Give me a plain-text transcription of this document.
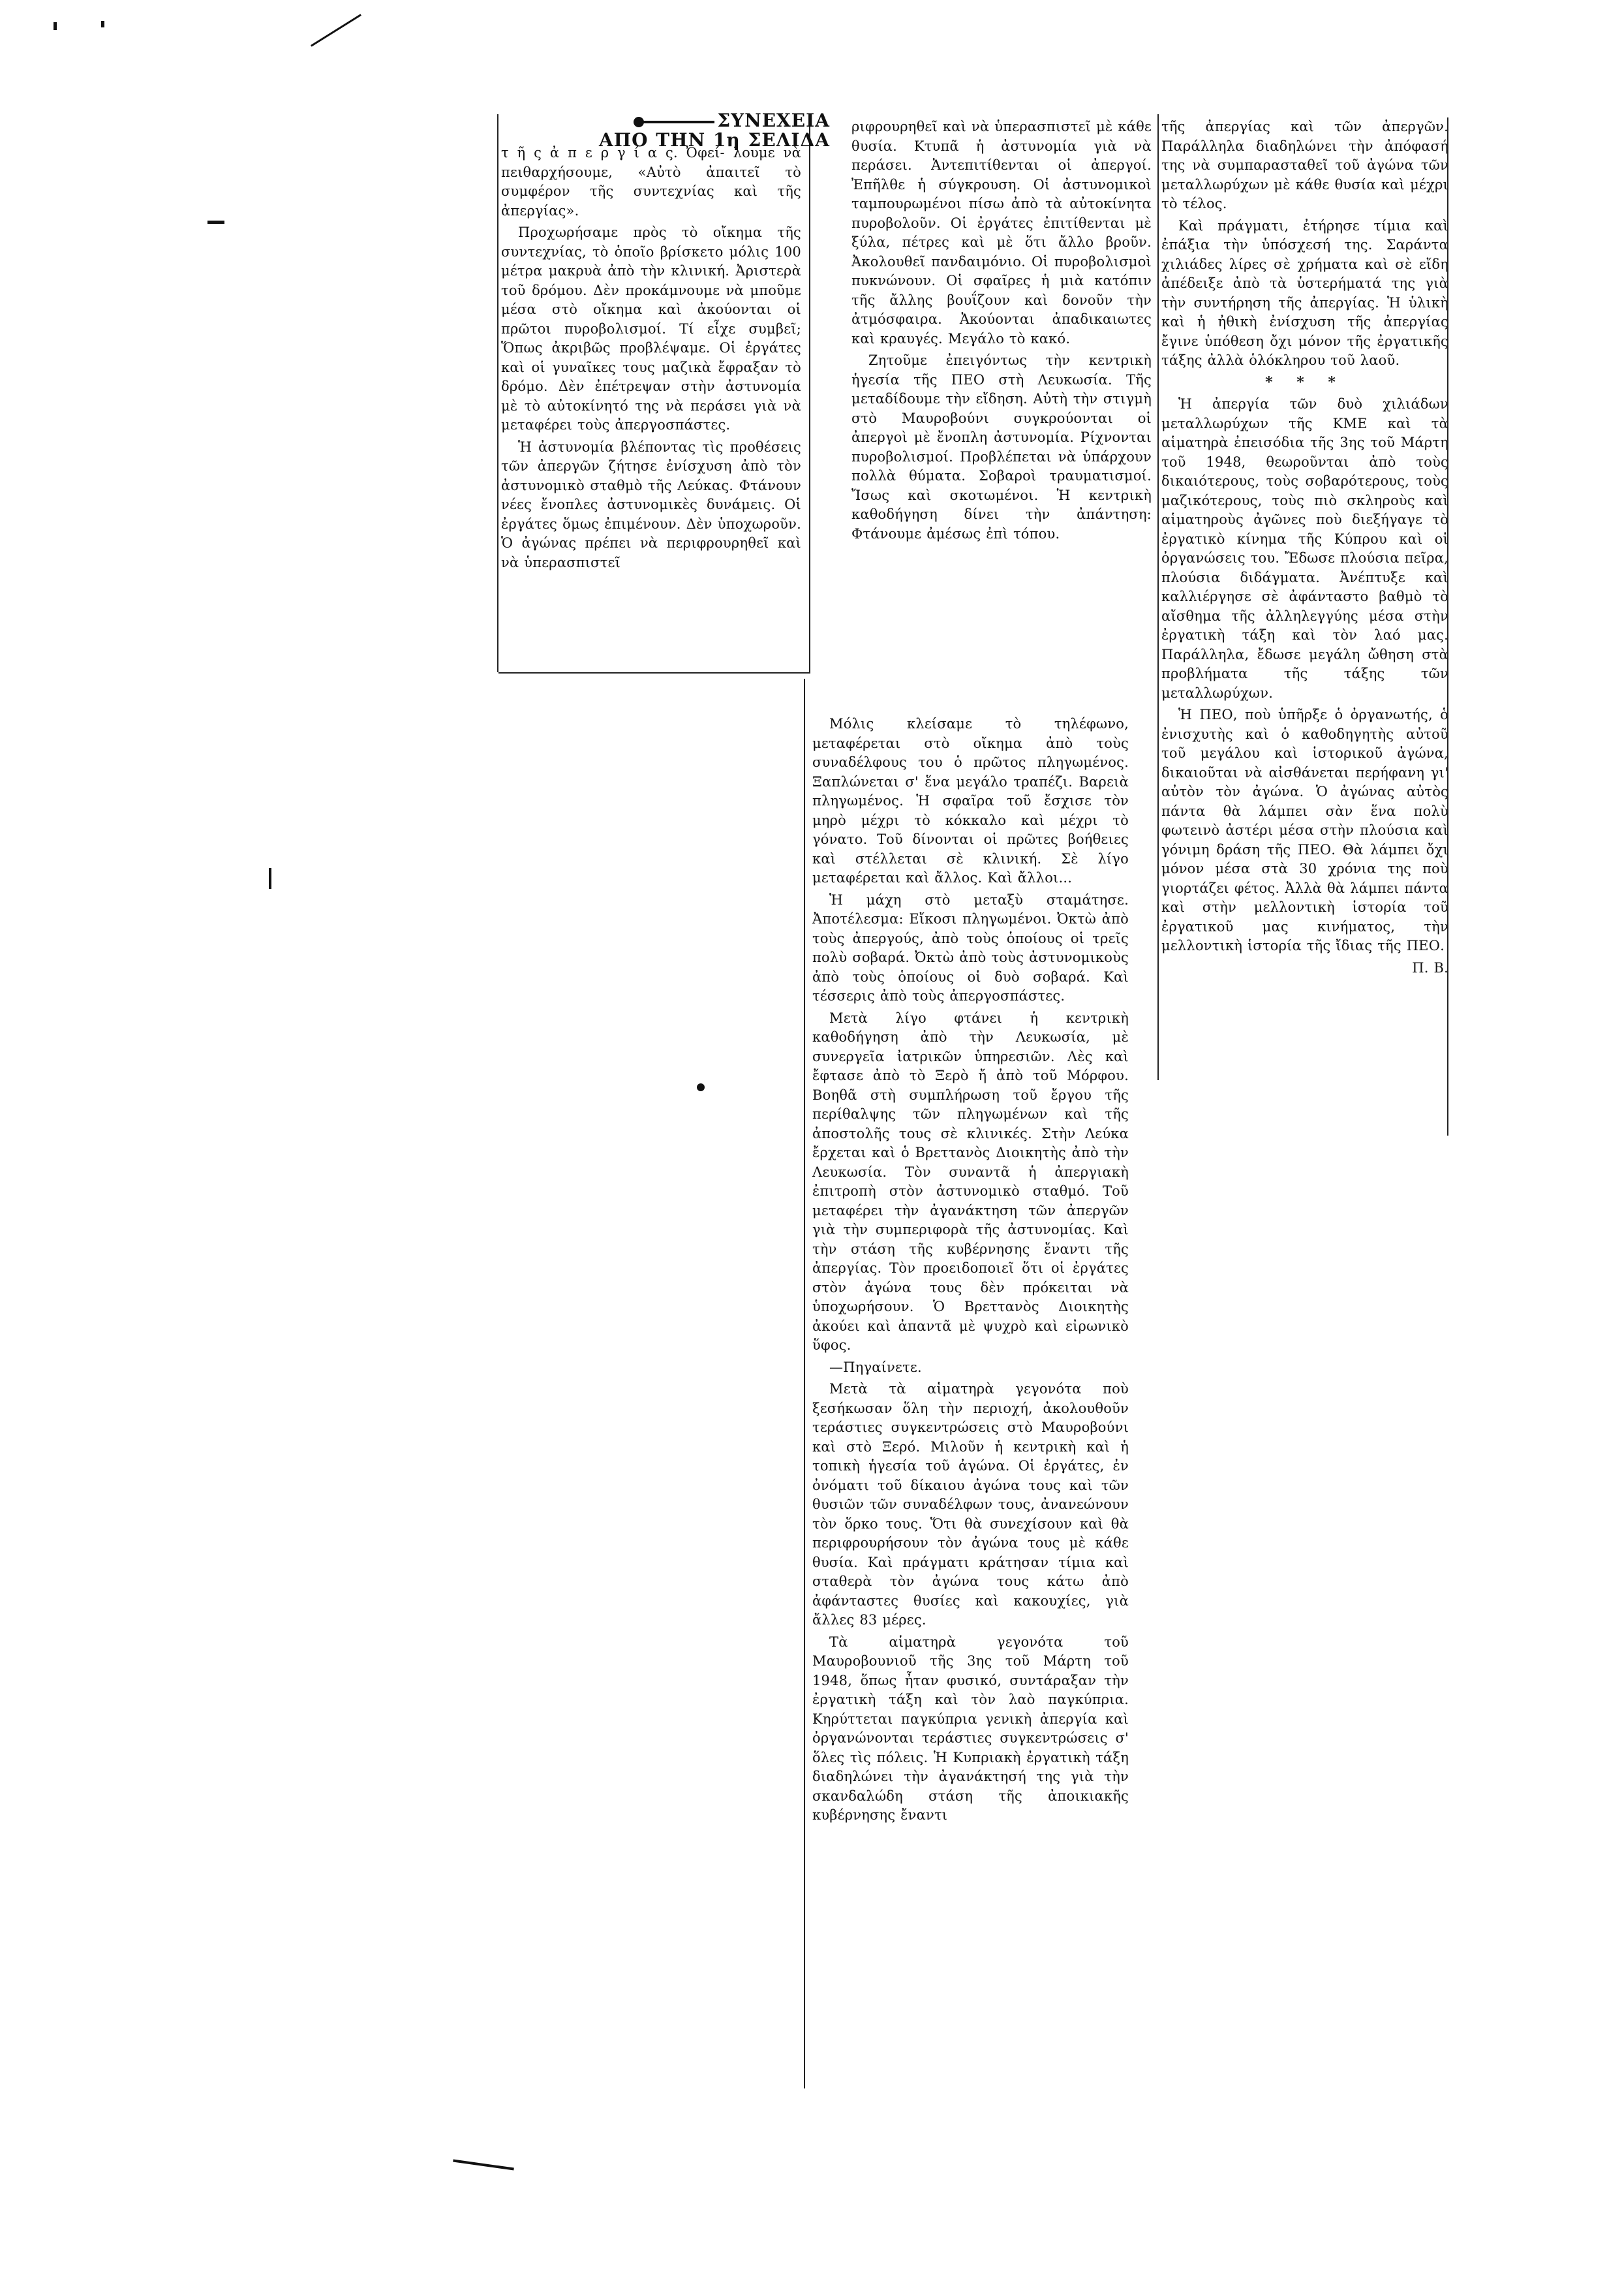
ΣΥΝΕΧΕΙΑ
ΑΠΟ ΤΗΝ 1η ΣΕΛΙΔΑ

τ ῆ ς ἀ π ε ρ γ ί α ς. Ὀφεί- λουμε νὰ πειθαρχήσουμε, «Αὐτὸ ἀπαιτεῖ τὸ συμφέρον τῆς συντεχνίας καὶ τῆς ἀπεργίας».

Προχωρήσαμε πρὸς τὸ οἴκημα τῆς συντεχνίας, τὸ ὁποῖο βρίσκετο μόλις 100 μέτρα μακρυὰ ἀπὸ τὴν κλινική. Ἀριστερὰ τοῦ δρόμου. Δὲν προκάμνουμε νὰ μποῦμε μέσα στὸ οἴκημα καὶ ἀκούονται οἱ πρῶτοι πυροβολισμοί. Τί εἶχε συμβεῖ; Ὅπως ἀκριβῶς προβλέψαμε. Οἱ ἐργάτες καὶ οἱ γυναῖκες τους μαζικὰ ἔφραξαν τὸ δρόμο. Δὲν ἐπέτρεψαν στὴν ἀστυνομία μὲ τὸ αὐτοκίνητό της νὰ περάσει γιὰ νὰ μεταφέρει τοὺς ἀπεργοσπάστες.

Ἡ ἀστυνομία βλέποντας τὶς προθέσεις τῶν ἀπεργῶν ζήτησε ἐνίσχυση ἀπὸ τὸν ἀστυνομικὸ σταθμὸ τῆς Λεύκας. Φτάνουν νέες ἔνοπλες ἀστυνομικὲς δυνάμεις. Οἱ ἐργάτες ὅμως ἐπιμένουν. Δὲν ὑποχωροῦν. Ὁ ἀγώνας πρέπει νὰ περιφρουρηθεῖ καὶ νὰ ὑπερασπιστεῖ

ριφρουρηθεῖ καὶ νὰ ὑπερασπιστεῖ μὲ κάθε θυσία. Κτυπᾶ ἡ ἀστυνομία γιὰ νὰ περάσει. Ἀντεπιτίθενται οἱ ἀπεργοί. Ἐπῆλθε ἡ σύγκρουση. Οἱ ἀστυνομικοὶ ταμπουρωμένοι πίσω ἀπὸ τὰ αὐτοκίνητα πυροβολοῦν. Οἱ ἐργάτες ἐπιτίθενται μὲ ξύλα, πέτρες καὶ μὲ ὅτι ἄλλο βροῦν. Ἀκολουθεῖ πανδαιμόνιο. Οἱ πυροβολισμοὶ πυκνώνουν. Οἱ σφαῖρες ἡ μιὰ κατόπιν τῆς ἄλλης βουΐζουν καὶ δονοῦν τὴν ἀτμόσφαιρα. Ἀκούονται ἀπαδικαιωτες καὶ κραυγές. Μεγάλο τὸ κακό.

Ζητοῦμε ἐπειγόντως τὴν κεντρικὴ ἡγεσία τῆς ΠΕΟ στὴ Λευκωσία. Τῆς μεταδίδουμε τὴν εἴδηση. Αὐτὴ τὴν στιγμὴ στὸ Μαυροβούνι συγκρούονται οἱ ἀπεργοὶ μὲ ἔνοπλη ἀστυνομία. Ρίχνονται πυροβολισμοί. Προβλέπεται νὰ ὑπάρχουν πολλὰ θύματα. Σοβαροὶ τραυματισμοί. Ἴσως καὶ σκοτωμένοι. Ἡ κεντρικὴ καθοδήγηση δίνει τὴν ἀπάντηση: Φτάνουμε ἀμέσως ἐπὶ τόπου.

Μόλις κλείσαμε τὸ τηλέφωνο, μεταφέρεται στὸ οἴκημα ἀπὸ τοὺς συναδέλφους του ὁ πρῶτος πληγωμένος. Ξαπλώνεται σ' ἕνα μεγάλο τραπέζι. Βαρειὰ πληγωμένος. Ἡ σφαῖρα τοῦ ἔσχισε τὸν μηρὸ μέχρι τὸ κόκκαλο καὶ μέχρι τὸ γόνατο. Τοῦ δίνονται οἱ πρῶτες βοήθειες καὶ στέλλεται σὲ κλινική. Σὲ λίγο μεταφέρεται καὶ ἄλλος. Καὶ ἄλλοι...

Ἡ μάχη στὸ μεταξὺ σταμάτησε. Ἀποτέλεσμα: Εἴκοσι πληγωμένοι. Ὀκτὼ ἀπὸ τοὺς ἀπεργούς, ἀπὸ τοὺς ὁποίους οἱ τρεῖς πολὺ σοβαρά. Ὀκτὼ ἀπὸ τοὺς ἀστυνομικοὺς ἀπὸ τοὺς ὁποίους οἱ δυὸ σοβαρά. Καὶ τέσσερις ἀπὸ τοὺς ἀπεργοσπάστες.

Μετὰ λίγο φτάνει ἡ κεντρικὴ καθοδήγηση ἀπὸ τὴν Λευκωσία, μὲ συνεργεῖα ἰατρικῶν ὑπηρεσιῶν. Λὲς καὶ ἔφτασε ἀπὸ τὸ Ξερὸ ἤ ἀπὸ τοῦ Μόρφου. Βοηθᾶ στὴ συμπλήρωση τοῦ ἔργου τῆς περίθαλψης τῶν πληγωμένων καὶ τῆς ἀποστολῆς τους σὲ κλινικές. Στὴν Λεύκα ἔρχεται καὶ ὁ Βρεττανὸς Διοικητὴς ἀπὸ τὴν Λευκωσία. Τὸν συναντᾶ ἡ ἀπεργιακὴ ἐπιτροπὴ στὸν ἀστυνομικὸ σταθμό. Τοῦ μεταφέρει τὴν ἀγανάκτηση τῶν ἀπεργῶν γιὰ τὴν συμπεριφορὰ τῆς ἀστυνομίας. Καὶ τὴν στάση τῆς κυβέρνησης ἔναντι τῆς ἀπεργίας. Τὸν προειδοποιεῖ ὅτι οἱ ἐργάτες στὸν ἀγώνα τους δὲν πρόκειται νὰ ὑποχωρήσουν. Ὁ Βρεττανὸς Διοικητὴς ἀκούει καὶ ἀπαντᾶ μὲ ψυχρὸ καὶ εἰρωνικὸ ὕφος.

—Πηγαίνετε.

Μετὰ τὰ αἱματηρὰ γεγονότα ποὺ ξεσήκωσαν ὅλη τὴν περιοχή, ἀκολουθοῦν τεράστιες συγκεντρώσεις στὸ Μαυροβούνι καὶ στὸ Ξερό. Μιλοῦν ἡ κεντρικὴ καὶ ἡ τοπικὴ ἡγεσία τοῦ ἀγώνα. Οἱ ἐργάτες, ἐν ὀνόματι τοῦ δίκαιου ἀγώνα τους καὶ τῶν θυσιῶν τῶν συναδέλφων τους, ἀνανεώνουν τὸν ὅρκο τους. Ὅτι θὰ συνεχίσουν καὶ θὰ περιφρουρήσουν τὸν ἀγώνα τους μὲ κάθε θυσία. Καὶ πράγματι κράτησαν τίμια καὶ σταθερὰ τὸν ἀγώνα τους κάτω ἀπὸ ἀφάνταστες θυσίες καὶ κακουχίες, γιὰ ἄλλες 83 μέρες.

Τὰ αἱματηρὰ γεγονότα τοῦ Μαυροβουνιοῦ τῆς 3ης τοῦ Μάρτη τοῦ 1948, ὅπως ἦταν φυσικό, συντάραξαν τὴν ἐργατικὴ τάξη καὶ τὸν λαὸ παγκύπρια. Κηρύττεται παγκύπρια γενικὴ ἀπεργία καὶ ὀργανώνονται τεράστιες συγκεντρώσεις σ' ὅλες τὶς πόλεις. Ἡ Κυπριακὴ ἐργατικὴ τάξη διαδηλώνει τὴν ἀγανάκτησή της γιὰ τὴν σκανδαλώδη στάση τῆς ἀποικιακῆς κυβέρνησης ἔναντι

τῆς ἀπεργίας καὶ τῶν ἀπεργῶν. Παράλληλα διαδηλώνει τὴν ἀπόφασή της νὰ συμπαρασταθεῖ τοῦ ἀγώνα τῶν μεταλλωρύχων μὲ κάθε θυσία καὶ μέχρι τὸ τέλος.

Καὶ πράγματι, ἐτήρησε τίμια καὶ ἐπάξια τὴν ὑπόσχεσή της. Σαράντα χιλιάδες λίρες σὲ χρήματα καὶ σὲ εἴδη ἀπέδειξε ἀπὸ τὰ ὑστερήματά της γιὰ τὴν συντήρηση τῆς ἀπεργίας. Ἡ ὑλικὴ καὶ ἡ ἠθικὴ ἐνίσχυση τῆς ἀπεργίας ἔγινε ὑπόθεση ὄχι μόνον τῆς ἐργατικῆς τάξης ἀλλὰ ὁλόκληρου τοῦ λαοῦ.

* * *

Ἡ ἀπεργία τῶν δυὸ χιλιάδων μεταλλωρύχων τῆς ΚΜΕ καὶ τὰ αἱματηρὰ ἐπεισόδια τῆς 3ης τοῦ Μάρτη τοῦ 1948, θεωροῦνται ἀπὸ τοὺς δικαιότερους, τοὺς σοβαρότερους, τοὺς μαζικότερους, τοὺς πιὸ σκληροὺς καὶ αἱματηροὺς ἀγῶνες ποὺ διεξήγαγε τὸ ἐργατικὸ κίνημα τῆς Κύπρου καὶ οἱ ὀργανώσεις του. Ἔδωσε πλούσια πεῖρα, πλούσια διδάγματα. Ἀνέπτυξε καὶ καλλιέργησε σὲ ἀφάνταστο βαθμὸ τὸ αἴσθημα τῆς ἀλληλεγγύης μέσα στὴν ἐργατικὴ τάξη καὶ τὸν λαό μας. Παράλληλα, ἔδωσε μεγάλη ὤθηση στὰ προβλήματα τῆς τάξης τῶν μεταλλωρύχων.

Ἡ ΠΕΟ, ποὺ ὑπῆρξε ὁ ὀργανωτής, ὁ ἐνισχυτὴς καὶ ὁ καθοδηγητὴς αὐτοῦ τοῦ μεγάλου καὶ ἱστορικοῦ ἀγώνα, δικαιοῦται νὰ αἰσθάνεται περήφανη γι' αὐτὸν τὸν ἀγώνα. Ὁ ἀγώνας αὐτὸς πάντα θὰ λάμπει σὰν ἕνα πολὺ φωτεινὸ ἀστέρι μέσα στὴν πλούσια καὶ γόνιμη δράση τῆς ΠΕΟ. Θὰ λάμπει ὄχι μόνον μέσα στὰ 30 χρόνια της ποὺ γιορτάζει φέτος. Ἀλλὰ θὰ λάμπει πάντα καὶ στὴν μελλοντικὴ ἱστορία τοῦ ἐργατικοῦ μας κινήματος, τὴν μελλοντικὴ ἱστορία τῆς ἴδιας τῆς ΠΕΟ.

Π. Β.
